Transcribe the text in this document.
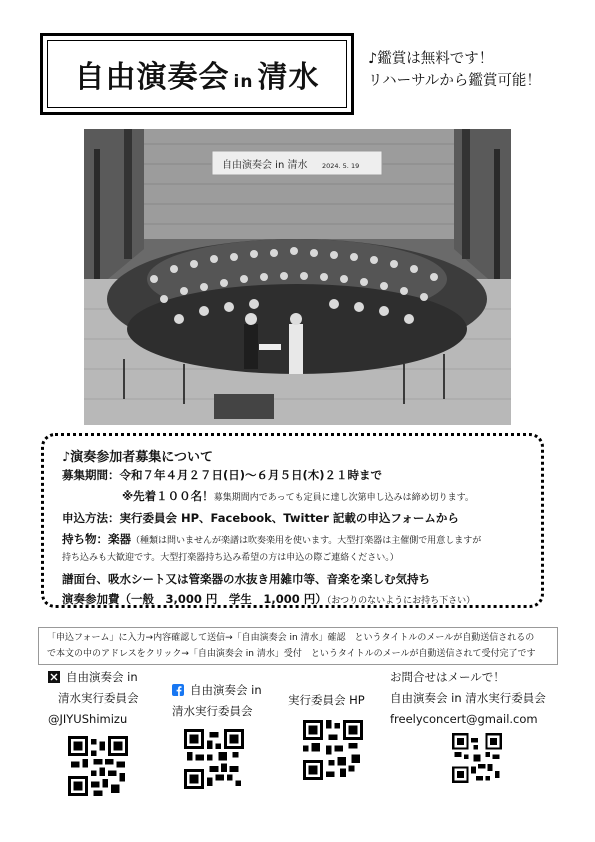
自由演奏会 in 清水
♪鑑賞は無料です！
リハーサルから鑑賞可能！
自由演奏会 in 清水 2024. 5. 19
♪演奏参加者募集について
募集期間：令和７年４月２７日(日)〜６月５日(木)２１時まで
※先着１００名！募集期間内であっても定員に達し次第申し込みは締め切ります。
申込方法：実行委員会 HP、Facebook、Twitter 記載の申込フォームから
持ち物：楽器（種類は問いませんが楽譜は吹奏楽用を使います。大型打楽器は主催側で用意しますが
持ち込みも大歓迎です。大型打楽器持ち込み希望の方は申込の際ご連絡ください。）
譜面台、吸水シート又は管楽器の水抜き用雑巾等、音楽を楽しむ気持ち
演奏参加費（一般　3,000 円　学生　1,000 円）（おつりのないようにお持ち下さい）
「申込フォーム」に入力→内容確認して送信→「自由演奏会 in 清水」確認　というタイトルのメールが自動送信されるの
で本文の中のアドレスをクリック→「自由演奏会 in 清水」受付　というタイトルのメールが自動送信されて受付完了です
自由演奏会 in
清水実行委員会
@JIYUShimizu
自由演奏会 in
清水実行委員会
実行委員会 HP
お問合せはメールで！
自由演奏会 in 清水実行委員会
freelyconcert@gmail.com
